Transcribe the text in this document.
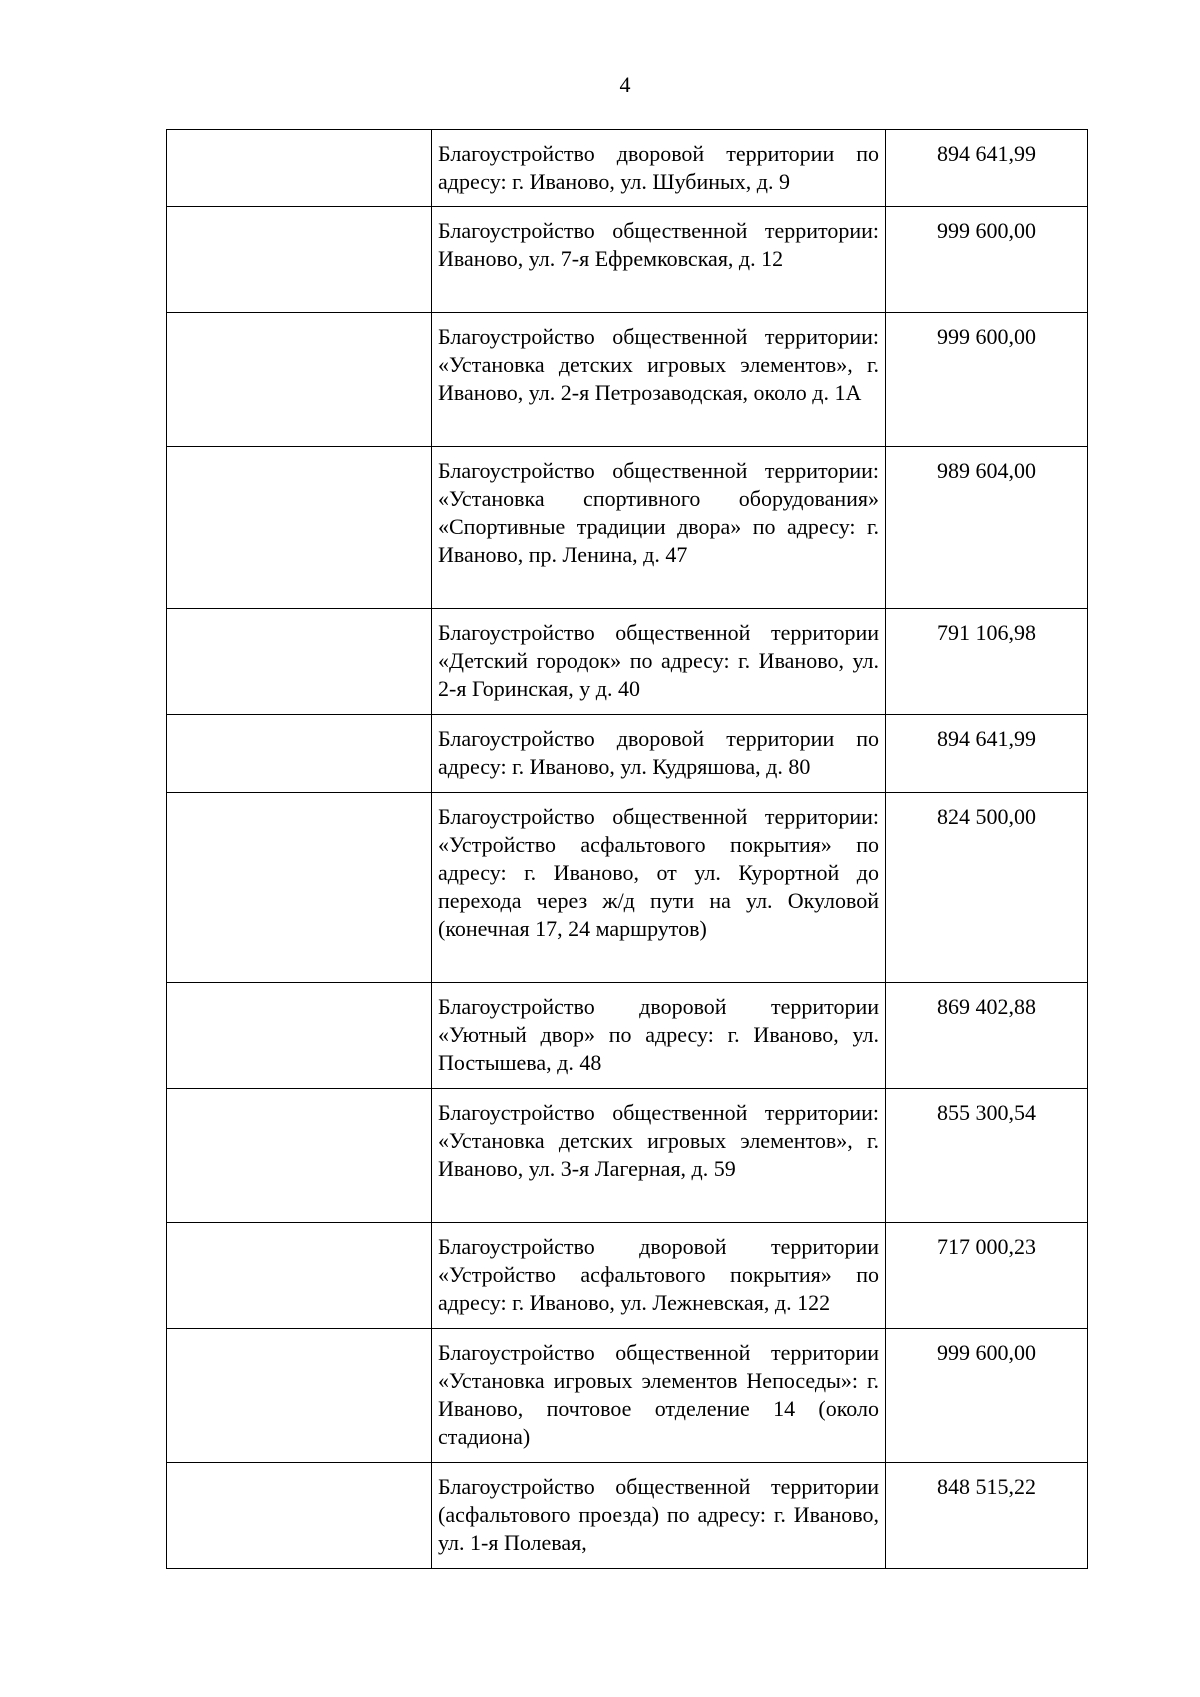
4
	Благоустройство дворовой территории по адресу: г. Иваново, ул. Шубиных, д. 9	894 641,99
	Благоустройство общественной территории: Иваново, ул. 7-я Ефремковская, д. 12	999 600,00
	Благоустройство общественной территории: «Установка детских игровых элементов», г. Иваново, ул. 2-я Петрозаводская, около д. 1А	999 600,00
	Благоустройство общественной территории: «Установка спортивного оборудования» «Спортивные традиции двора» по адресу: г. Иваново, пр. Ленина, д. 47	989 604,00
	Благоустройство общественной территории «Детский городок» по адресу: г. Иваново, ул. 2-я Горинская, у д. 40	791 106,98
	Благоустройство дворовой территории по адресу: г. Иваново, ул. Кудряшова, д. 80	894 641,99
	Благоустройство общественной территории: «Устройство асфальтового покрытия» по адресу: г. Иваново, от ул. Курортной до перехода через ж/д пути на ул. Окуловой (конечная 17, 24 маршрутов)	824 500,00
	Благоустройство дворовой территории «Уютный двор» по адресу: г. Иваново, ул. Постышева, д. 48	869 402,88
	Благоустройство общественной территории: «Установка детских игровых элементов», г. Иваново, ул. 3-я Лагерная, д. 59	855 300,54
	Благоустройство дворовой территории «Устройство асфальтового покрытия» по адресу: г. Иваново, ул. Лежневская, д. 122	717 000,23
	Благоустройство общественной территории «Установка игровых элементов Непоседы»: г. Иваново, почтовое отделение 14 (около стадиона)	999 600,00
	Благоустройство общественной территории (асфальтового проезда) по адресу: г. Иваново, ул. 1-я Полевая,	848 515,22
